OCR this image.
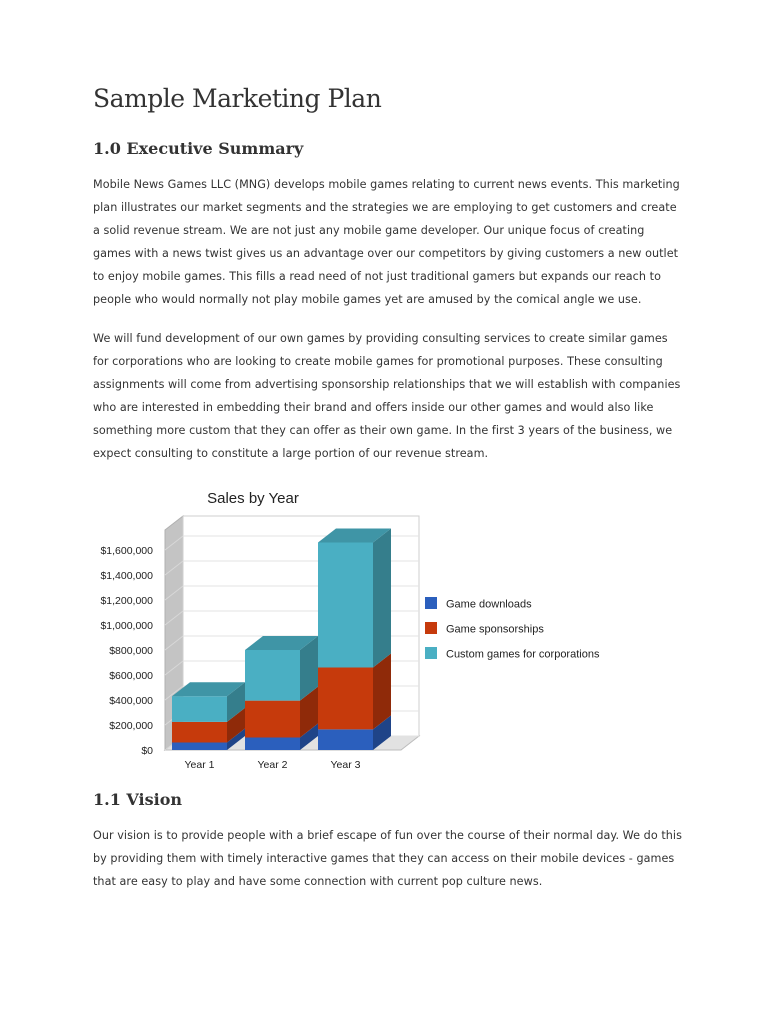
Sample Marketing Plan
1.0 Executive Summary

Mobile News Games LLC (MNG) develops mobile games relating to current news events. This marketing plan illustrates our market segments and the strategies we are employing to get customers and create a solid revenue stream. We are not just any mobile game developer. Our unique focus of creating games with a news twist gives us an advantage over our competitors by giving customers a new outlet to enjoy mobile games. This fills a read need of not just traditional gamers but expands our reach to people who would normally not play mobile games yet are amused by the comical angle we use.

We will fund development of our own games by providing consulting services to create similar games for corporations who are looking to create mobile games for promotional purposes. These consulting assignments will come from advertising sponsorship relationships that we will establish with companies who are interested in embedding their brand and offers inside our other games and would also like something more custom that they can offer as their own game. In the first 3 years of the business, we expect consulting to constitute a large portion of our revenue stream.

Sales by Year
$0
$200,000
$400,000
$600,000
$800,000
$1,000,000
$1,200,000
$1,400,000
$1,600,000
Year 1	Year 2	Year 3
Game downloads
Game sponsorships
Custom games for corporations
1.1 Vision

Our vision is to provide people with a brief escape of fun over the course of their normal day. We do this by providing them with timely interactive games that they can access on their mobile devices - games that are easy to play and have some connection with current pop culture news.
